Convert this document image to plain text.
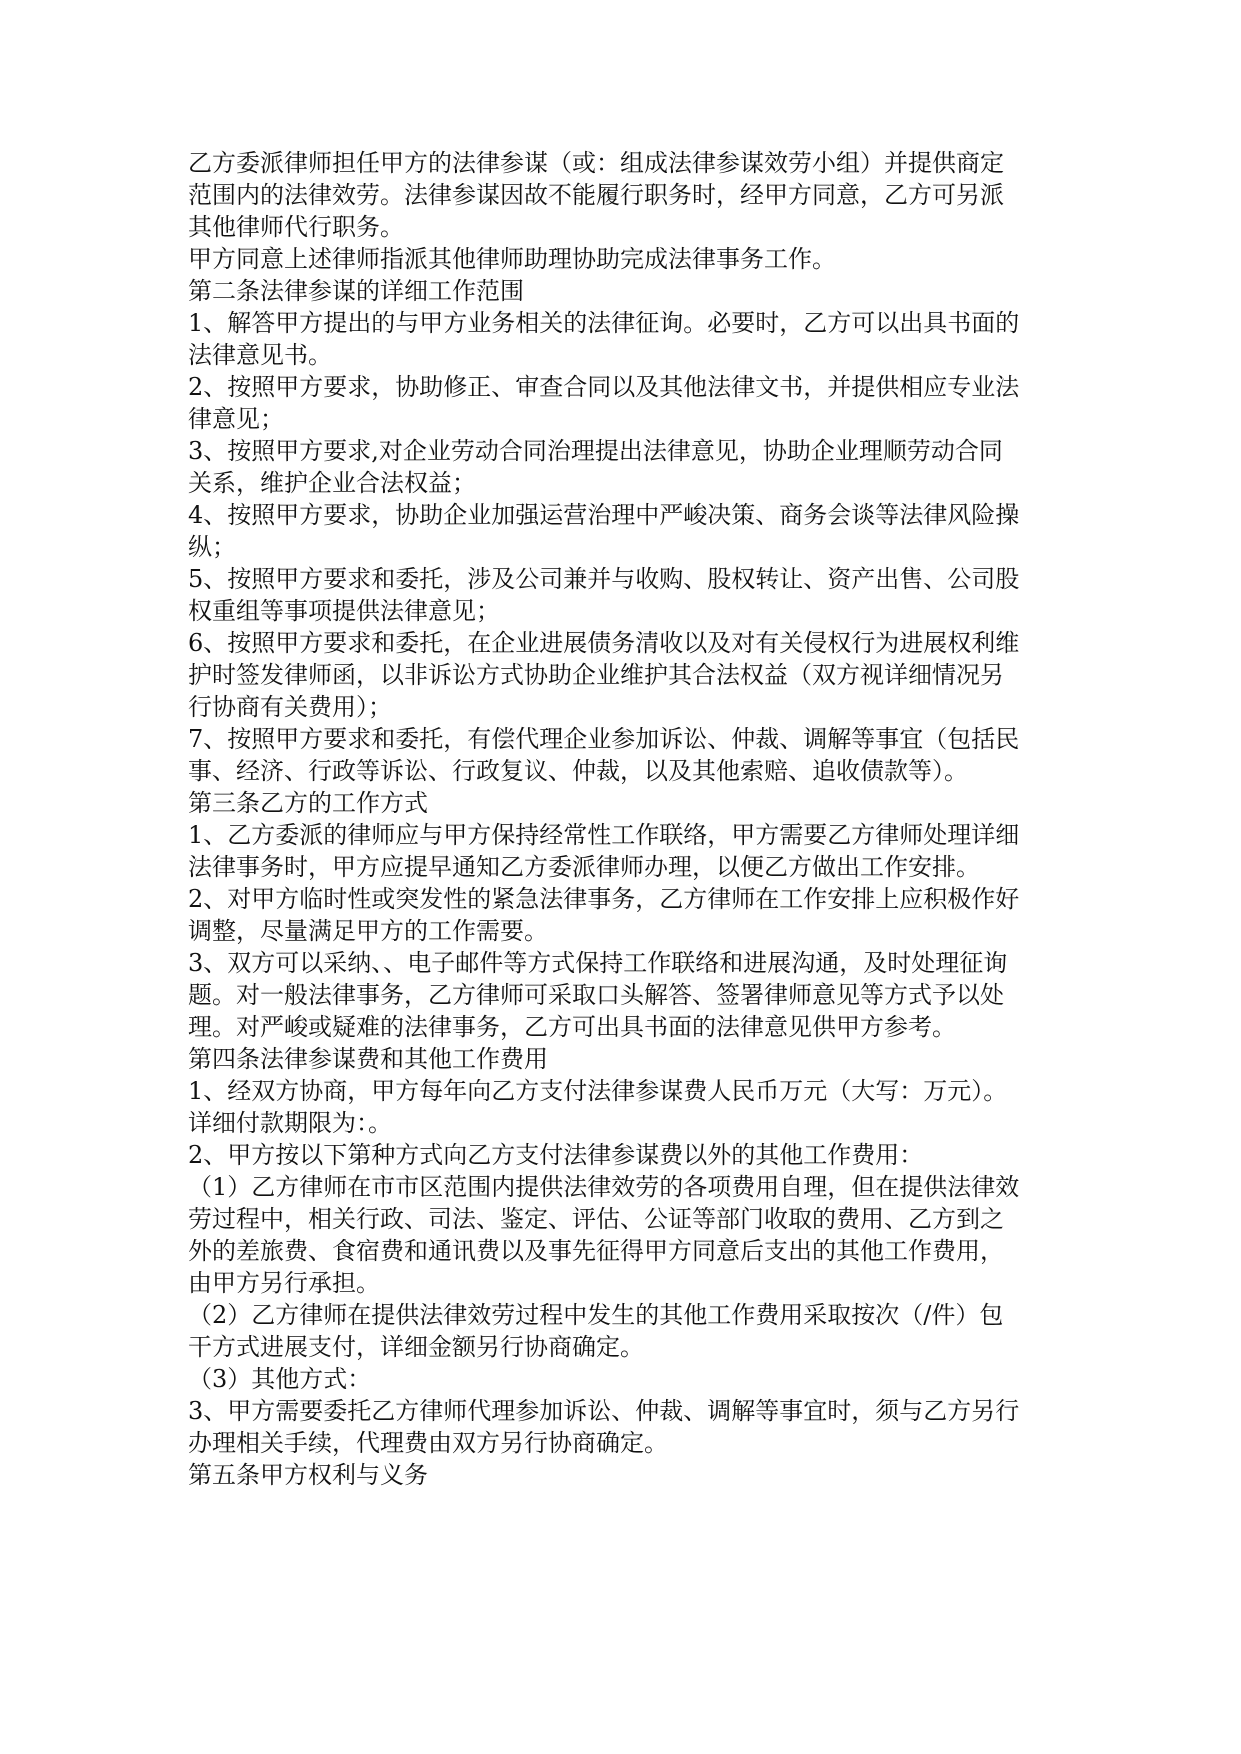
乙方委派律师担任甲方的法律参谋（或：组成法律参谋效劳小组）并提供商定
范围内的法律效劳。法律参谋因故不能履行职务时，经甲方同意，乙方可另派
其他律师代行职务。
甲方同意上述律师指派其他律师助理协助完成法律事务工作。
第二条法律参谋的详细工作范围
1、解答甲方提出的与甲方业务相关的法律征询。必要时，乙方可以出具书面的
法律意见书。
2、按照甲方要求，协助修正、审查合同以及其他法律文书，并提供相应专业法
律意见；
3、按照甲方要求,对企业劳动合同治理提出法律意见，协助企业理顺劳动合同
关系，维护企业合法权益；
4、按照甲方要求，协助企业加强运营治理中严峻决策、商务会谈等法律风险操
纵；
5、按照甲方要求和委托，涉及公司兼并与收购、股权转让、资产出售、公司股
权重组等事项提供法律意见；
6、按照甲方要求和委托，在企业进展债务清收以及对有关侵权行为进展权利维
护时签发律师函，以非诉讼方式协助企业维护其合法权益（双方视详细情况另
行协商有关费用）；
7、按照甲方要求和委托，有偿代理企业参加诉讼、仲裁、调解等事宜（包括民
事、经济、行政等诉讼、行政复议、仲裁，以及其他索赔、追收债款等）。
第三条乙方的工作方式
1、乙方委派的律师应与甲方保持经常性工作联络，甲方需要乙方律师处理详细
法律事务时，甲方应提早通知乙方委派律师办理，以便乙方做出工作安排。
2、对甲方临时性或突发性的紧急法律事务，乙方律师在工作安排上应积极作好
调整，尽量满足甲方的工作需要。
3、双方可以采纳、、电子邮件等方式保持工作联络和进展沟通，及时处理征询
题。对一般法律事务，乙方律师可采取口头解答、签署律师意见等方式予以处
理。对严峻或疑难的法律事务，乙方可出具书面的法律意见供甲方参考。
第四条法律参谋费和其他工作费用
1、经双方协商，甲方每年向乙方支付法律参谋费人民币万元（大写：万元）。
详细付款期限为：。
2、甲方按以下第种方式向乙方支付法律参谋费以外的其他工作费用：
（1）乙方律师在市市区范围内提供法律效劳的各项费用自理，但在提供法律效
劳过程中，相关行政、司法、鉴定、评估、公证等部门收取的费用、乙方到之
外的差旅费、食宿费和通讯费以及事先征得甲方同意后支出的其他工作费用，
由甲方另行承担。
（2）乙方律师在提供法律效劳过程中发生的其他工作费用采取按次（/件）包
干方式进展支付，详细金额另行协商确定。
（3）其他方式：
3、甲方需要委托乙方律师代理参加诉讼、仲裁、调解等事宜时，须与乙方另行
办理相关手续，代理费由双方另行协商确定。
第五条甲方权利与义务
